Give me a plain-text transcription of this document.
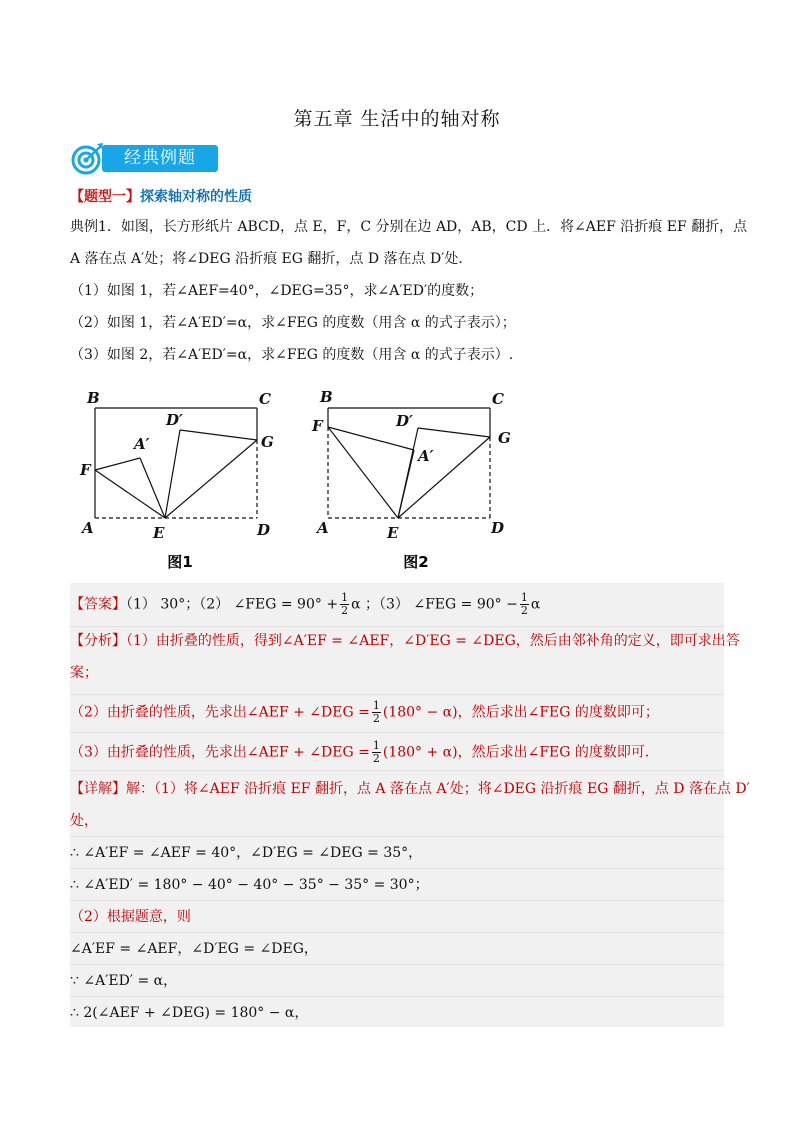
第五章 生活中的轴对称
经典例题
【题型一】探索轴对称的性质
典例1．如图，长方形纸片 ABCD，点 E，F，C 分别在边 AD，AB，CD 上．将∠AEF 沿折痕 EF 翻折，点
A 落在点 A′处；将∠DEG 沿折痕 EG 翻折，点 D 落在点 D′处．
（1）如图 1，若∠AEF=40°，∠DEG=35°，求∠A′ED′的度数；
（2）如图 1，若∠A′ED′=α，求∠FEG 的度数（用含 α 的式子表示）；
（3）如图 2，若∠A′ED′=α，求∠FEG 的度数（用含 α 的式子表示）.
B	C
D′
A′	G
F
A	E	D
图1
B	C
D′
A′
G
F
A	E	D
图2
【答案】（1） 30°；（2） ∠FEG = $90^\circ + \frac{1}{2}$ α ；（3） ∠FEG = $90^\circ - \frac{1}{2}$ α
【分析】（1）由折叠的性质，得到∠A′EF = ∠AEF，∠D′EG = ∠DEG，然后由邻补角的定义，即可求出答
案；
（2）由折叠的性质，先求出∠AEF + ∠DEG = $\frac{1}{2} (180^\circ - \alpha)$，然后求出∠FEG 的度数即可；
（3）由折叠的性质，先求出∠AEF + ∠DEG = $\frac{1}{2} (180^\circ + \alpha)$，然后求出∠FEG 的度数即可．
【详解】解：（1）将∠AEF 沿折痕 EF 翻折，点 A 落在点 A′处；将∠DEG 沿折痕 EG 翻折，点 D 落在点 D′
处，
∴ ∠A′EF = ∠AEF = 40°，∠D′EG = ∠DEG = 35°，
∴ ∠A′ED′ = 180° − 40° − 40° − 35° − 35° = 30°；
（2）根据题意，则
∠A′EF = ∠AEF，∠D′EG = ∠DEG，
∵ ∠A′ED′ = α，
∴ 2(∠AEF + ∠DEG) = 180° − α，
